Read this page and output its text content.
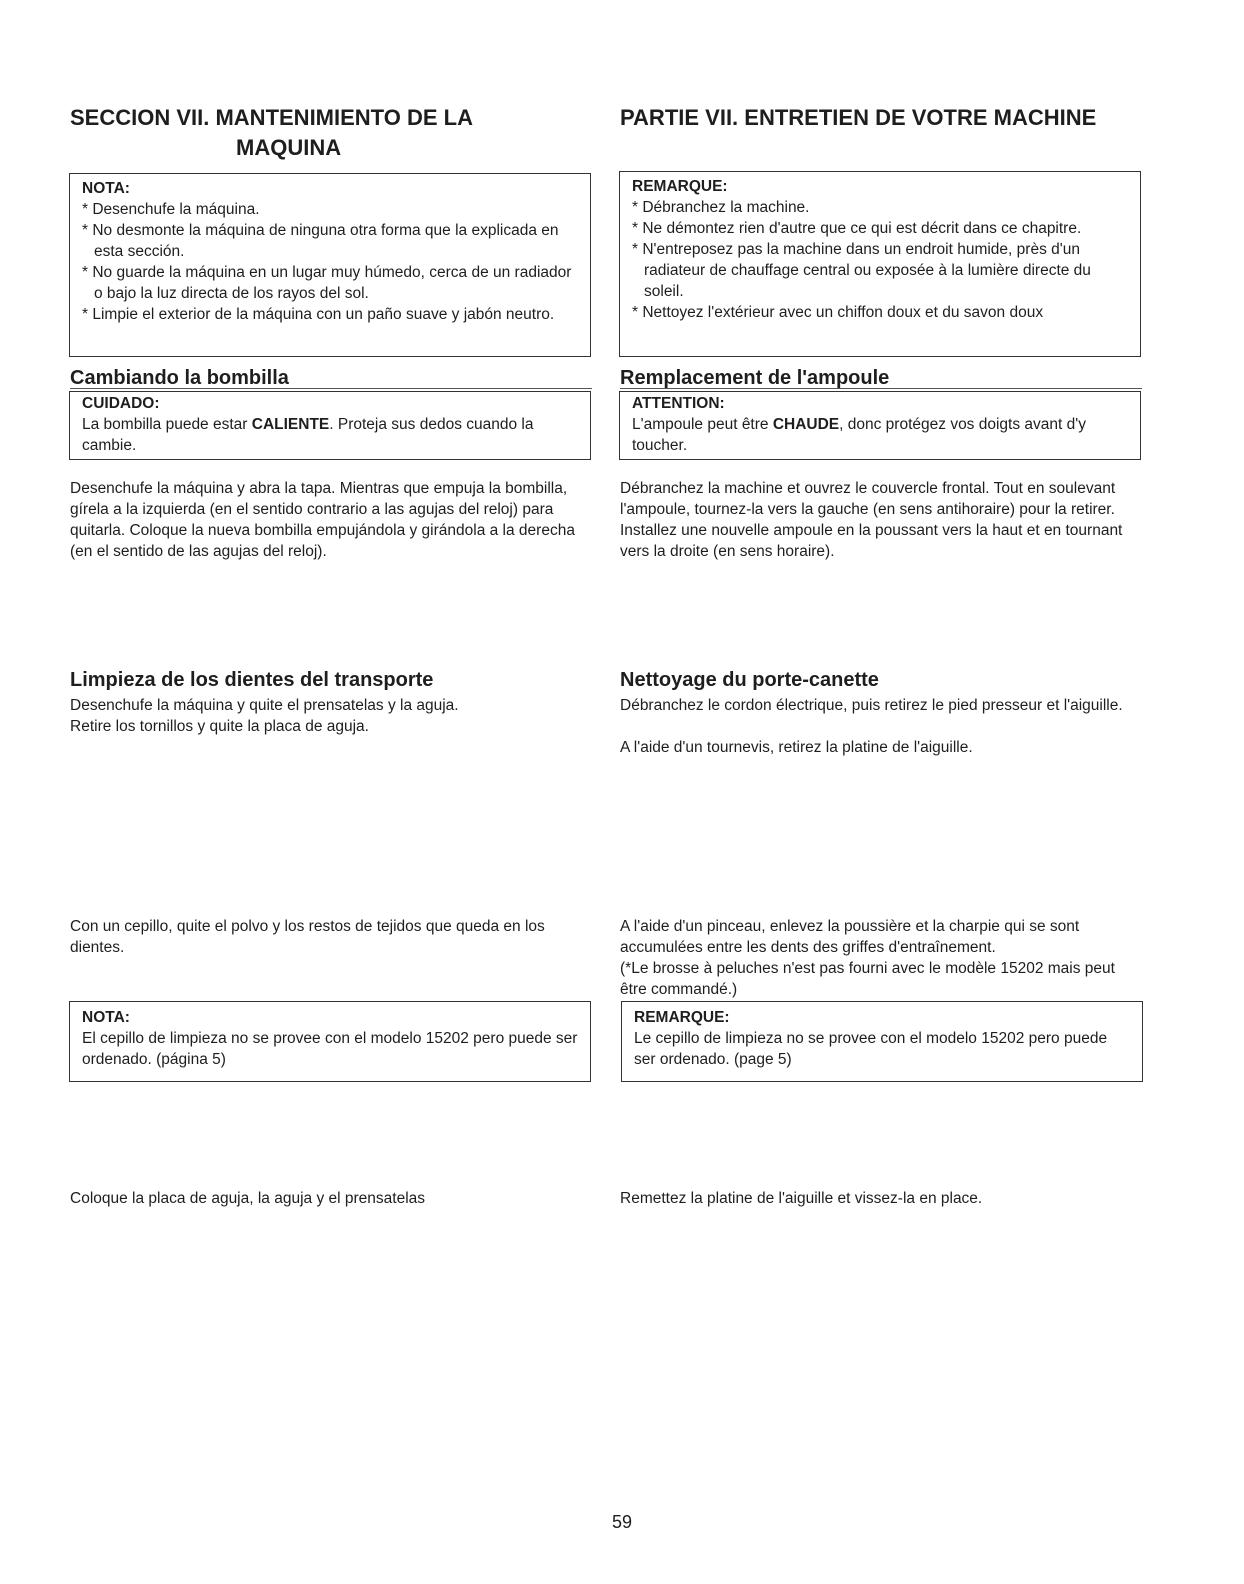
SECCION VII. MANTENIMIENTO DE LA
MAQUINA
NOTA:
* Desenchufe la máquina.
* No desmonte la máquina de ninguna otra forma que la explicada en esta sección.
* No guarde la máquina en un lugar muy húmedo, cerca de un radiador o bajo la luz directa de los rayos del sol.
* Limpie el exterior de la máquina con un paño suave y jabón neutro.
Cambiando la bombilla
CUIDADO:
La bombilla puede estar CALIENTE. Proteja sus dedos cuando la cambie.

Desenchufe la máquina y abra la tapa. Mientras que empuja la bombilla, gírela a la izquierda (en el sentido contrario a las agujas del reloj) para quitarla. Coloque la nueva bombilla empujándola y girándola a la derecha (en el sentido de las agujas del reloj).

Limpieza de los dientes del transporte

Desenchufe la máquina y quite el prensatelas y la aguja.

Retire los tornillos y quite la placa de aguja.

Con un cepillo, quite el polvo y los restos de tejidos que queda en los dientes.

NOTA:
El cepillo de limpieza no se provee con el modelo 15202 pero puede ser ordenado. (página 5)

Coloque la placa de aguja, la aguja y el prensatelas

PARTIE VII. ENTRETIEN DE VOTRE MACHINE
REMARQUE:
* Débranchez la machine.
* Ne démontez rien d'autre que ce qui est décrit dans ce chapitre.
* N'entreposez pas la machine dans un endroit humide, près d'un radiateur de chauffage central ou exposée à la lumière directe du soleil.
* Nettoyez l'extérieur avec un chiffon doux et du savon doux
Remplacement de l'ampoule
ATTENTION:
L'ampoule peut être CHAUDE, donc protégez vos doigts avant d'y toucher.

Débranchez la machine et ouvrez le couvercle frontal. Tout en soulevant l'ampoule, tournez-la vers la gauche (en sens antihoraire) pour la retirer. Installez une nouvelle ampoule en la poussant vers la haut et en tournant vers la droite (en sens horaire).

Nettoyage du porte-canette

Débranchez le cordon électrique, puis retirez le pied presseur et l'aiguille.

A l'aide d'un tournevis, retirez la platine de l'aiguille.

A l'aide d'un pinceau, enlevez la poussière et la charpie qui se sont accumulées entre les dents des griffes d'entraînement.

(*Le brosse à peluches n'est pas fourni avec le modèle 15202 mais peut être commandé.)

REMARQUE:
Le cepillo de limpieza no se provee con el modelo 15202 pero puede ser ordenado. (page 5)

Remettez la platine de l'aiguille et vissez-la en place.

59
